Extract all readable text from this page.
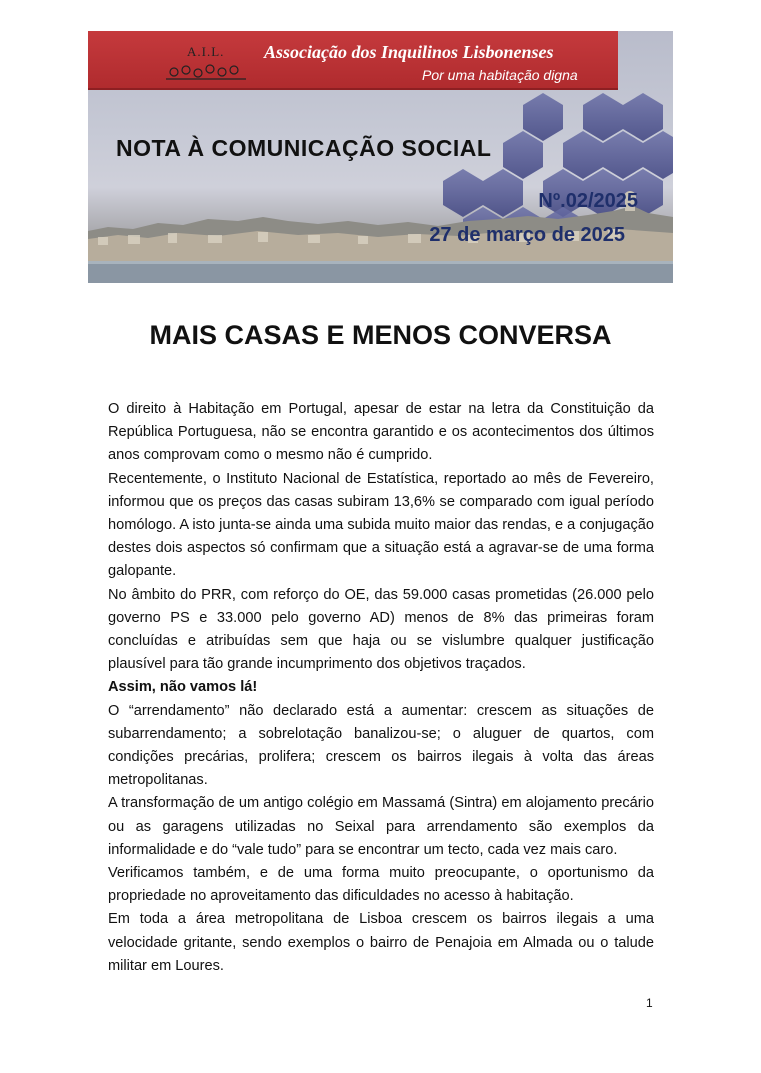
A.I.L. Associação dos Inquilinos Lisbonenses
Por uma habitação digna
NOTA À COMUNICAÇÃO SOCIAL
Nº.02/2025
27 de março de 2025
MAIS CASAS E MENOS CONVERSA

O direito à Habitação em Portugal, apesar de estar na letra da Constituição da República Portuguesa, não se encontra garantido e os acontecimentos dos últimos anos comprovam como o mesmo não é cumprido.

Recentemente, o Instituto Nacional de Estatística, reportado ao mês de Fevereiro, informou que os preços das casas subiram 13,6% se comparado com igual período homólogo. A isto junta-se ainda uma subida muito maior das rendas, e a conjugação destes dois aspectos só confirmam que a situação está a agravar-se de uma forma galopante.

No âmbito do PRR, com reforço do OE, das 59.000 casas prometidas (26.000 pelo governo PS e 33.000 pelo governo AD) menos de 8% das primeiras foram concluídas e atribuídas sem que haja ou se vislumbre qualquer justificação plausível para tão grande incumprimento dos objetivos traçados.

Assim, não vamos lá!

O “arrendamento” não declarado está a aumentar: crescem as situações de subarrendamento; a sobrelotação banalizou-se; o aluguer de quartos, com condições precárias, prolifera; crescem os bairros ilegais à volta das áreas metropolitanas.

A transformação de um antigo colégio em Massamá (Sintra) em alojamento precário ou as garagens utilizadas no Seixal para arrendamento são exemplos da informalidade e do “vale tudo” para se encontrar um tecto, cada vez mais caro.

Verificamos também, e de uma forma muito preocupante, o oportunismo da propriedade no aproveitamento das dificuldades no acesso à habitação.

Em toda a área metropolitana de Lisboa crescem os bairros ilegais a uma velocidade gritante, sendo exemplos o bairro de Penajoia em Almada ou o talude militar em Loures.

1
